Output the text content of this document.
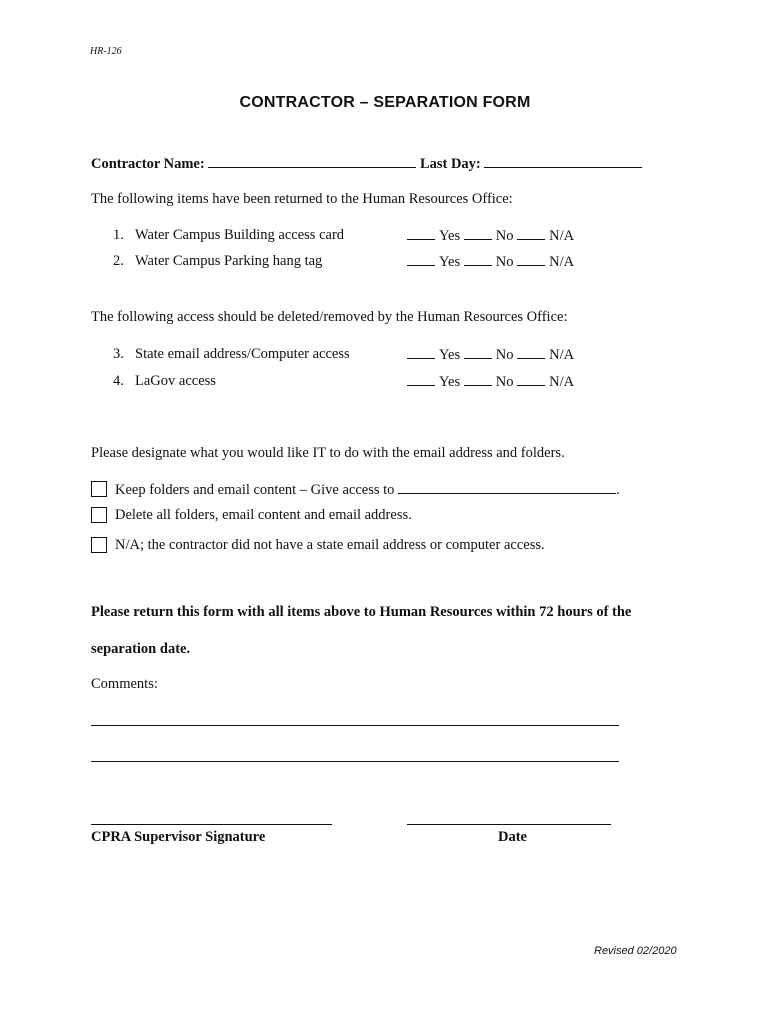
HR-126
CONTRACTOR – SEPARATION FORM
Contractor Name:	Last Day:
The following items have been returned to the Human Resources Office:
1. Water Campus Building access card	Yes No N/A
2. Water Campus Parking hang tag	Yes No N/A
The following access should be deleted/removed by the Human Resources Office:
3. State email address/Computer access	Yes No N/A
4. LaGov access	Yes No N/A
Please designate what you would like IT to do with the email address and folders.
Keep folders and email content – Give access to	.
Delete all folders, email content and email address.
N/A; the contractor did not have a state email address or computer access.
Please return this form with all items above to Human Resources within 72 hours of the
separation date.
Comments:
CPRA Supervisor Signature	Date
Revised 02/2020
